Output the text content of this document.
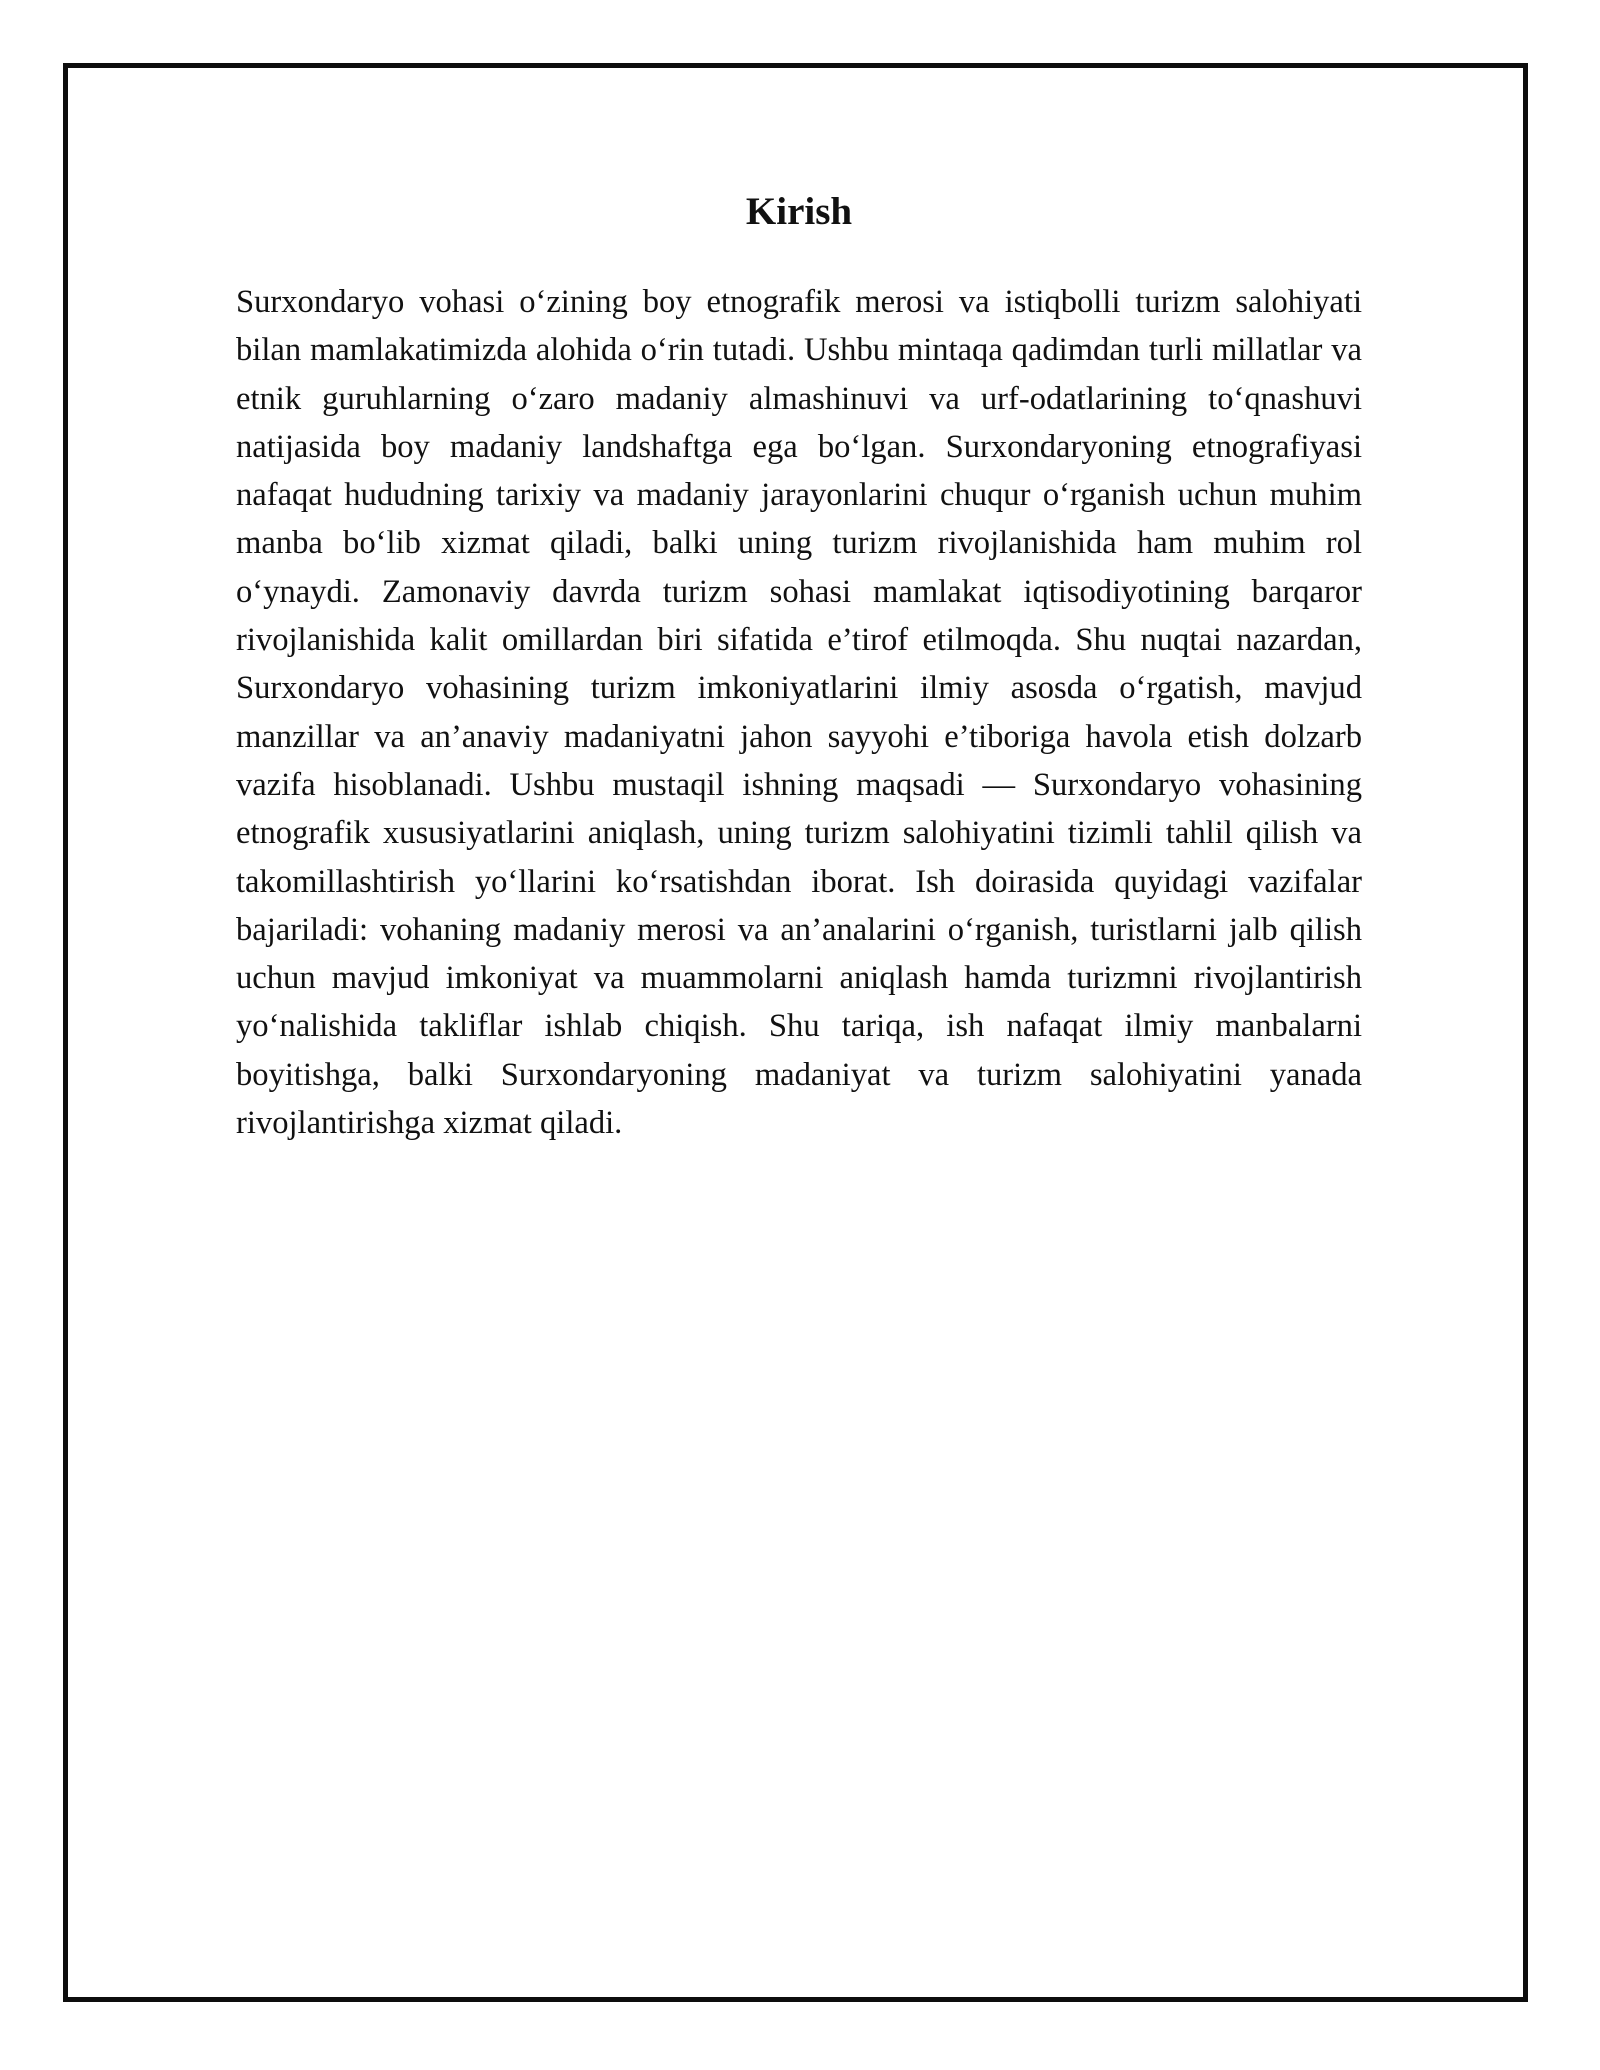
Kirish

Surxondaryo vohasi o‘zining boy etnografik merosi va istiqbolli turizm salohiyati bilan mamlakatimizda alohida o‘rin tutadi. Ushbu mintaqa qadimdan turli millatlar va etnik guruhlarning o‘zaro madaniy almashinuvi va urf-odatlarining to‘qnashuvi natijasida boy madaniy landshaftga ega bo‘lgan. Surxondaryoning etnografiyasi nafaqat hududning tarixiy va madaniy jarayonlarini chuqur o‘rganish uchun muhim manba bo‘lib xizmat qiladi, balki uning turizm rivojlanishida ham muhim rol o‘ynaydi. Zamonaviy davrda turizm sohasi mamlakat iqtisodiyotining barqaror rivojlanishida kalit omillardan biri sifatida e’tirof etilmoqda. Shu nuqtai nazardan, Surxondaryo vohasining turizm imkoniyatlarini ilmiy asosda o‘rgatish, mavjud manzillar va an’anaviy madaniyatni jahon sayyohi e’tiboriga havola etish dolzarb vazifa hisoblanadi. Ushbu mustaqil ishning maqsadi — Surxondaryo vohasining etnografik xususiyatlarini aniqlash, uning turizm salohiyatini tizimli tahlil qilish va takomillashtirish yo‘llarini ko‘rsatishdan iborat. Ish doirasida quyidagi vazifalar bajariladi: vohaning madaniy merosi va an’analarini o‘rganish, turistlarni jalb qilish uchun mavjud imkoniyat va muammolarni aniqlash hamda turizmni rivojlantirish yo‘nalishida takliflar ishlab chiqish. Shu tariqa, ish nafaqat ilmiy manbalarni boyitishga, balki Surxondaryoning madaniyat va turizm salohiyatini yanada rivojlantirishga xizmat qiladi.
